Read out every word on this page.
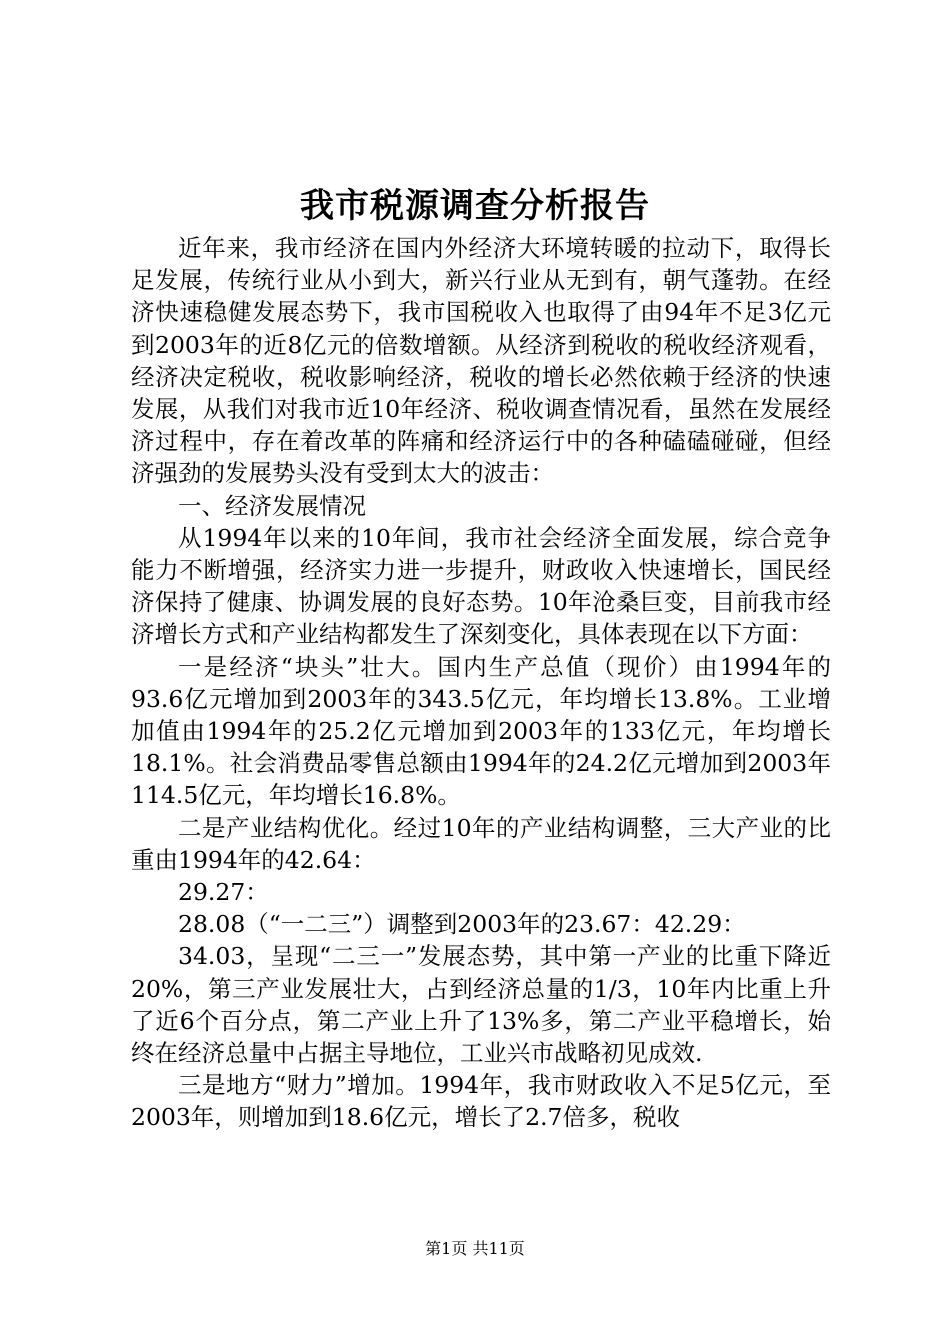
我市税源调查分析报告

近年来，我市经济在国内外经济大环境转暖的拉动下，取得长足发展，传统行业从小到大，新兴行业从无到有，朝气蓬勃。在经济快速稳健发展态势下，我市国税收入也取得了由94年不足3亿元到2003年的近8亿元的倍数增额。从经济到税收的税收经济观看，经济决定税收，税收影响经济，税收的增长必然依赖于经济的快速发展，从我们对我市近10年经济、税收调查情况看，虽然在发展经济过程中，存在着改革的阵痛和经济运行中的各种磕磕碰碰，但经济强劲的发展势头没有受到太大的波击：

一、经济发展情况

从1994年以来的10年间，我市社会经济全面发展，综合竞争能力不断增强，经济实力进一步提升，财政收入快速增长，国民经济保持了健康、协调发展的良好态势。10年沧桑巨变，目前我市经济增长方式和产业结构都发生了深刻变化，具体表现在以下方面：

一是经济“块头”壮大。国内生产总值（现价）由1994年的93.6亿元增加到2003年的343.5亿元，年均增长13.8%。工业增加值由1994年的25.2亿元增加到2003年的133亿元，年均增长18.1%。社会消费品零售总额由1994年的24.2亿元增加到2003年114.5亿元，年均增长16.8%。

二是产业结构优化。经过10年的产业结构调整，三大产业的比重由1994年的42.64：

29.27：

28.08（“一二三”）调整到2003年的23.67：42.29：

34.03，呈现“二三一”发展态势，其中第一产业的比重下降近20%，第三产业发展壮大，占到经济总量的1/3，10年内比重上升了近6个百分点，第二产业上升了13%多，第二产业平稳增长，始终在经济总量中占据主导地位，工业兴市战略初见成效.

三是地方“财力”增加。1994年，我市财政收入不足5亿元，至2003年，则增加到18.6亿元，增长了2.7倍多，税收

第1页 共11页
